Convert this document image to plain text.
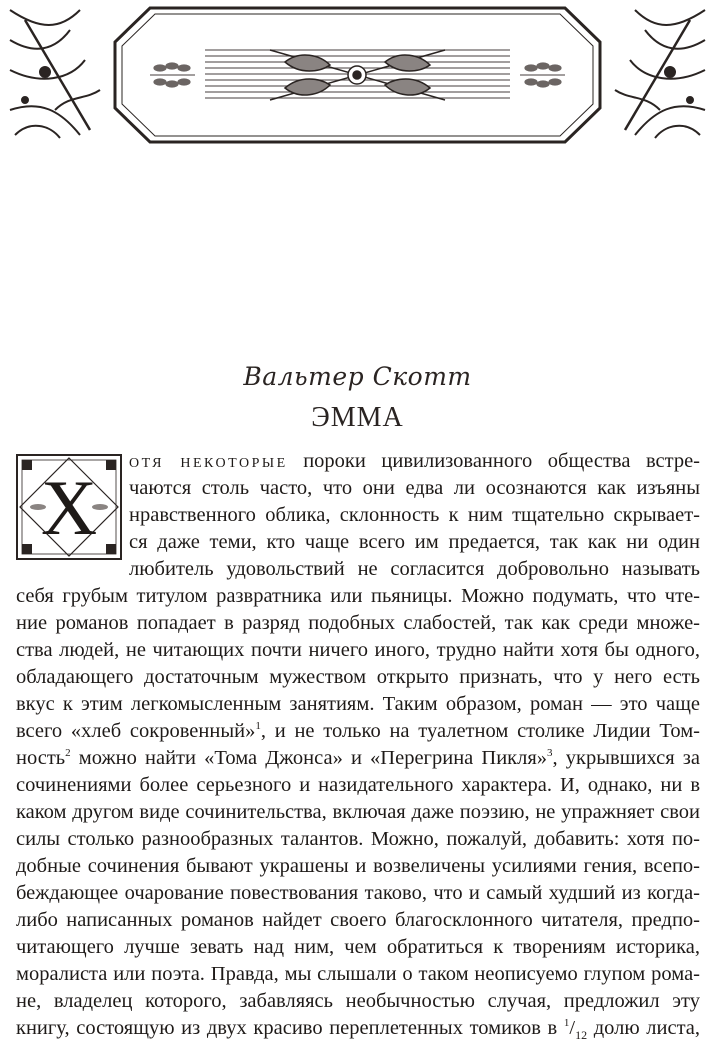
Вальтер Скотт
ЭММА
Х
ОТЯ НЕКОТОРЫЕ пороки цивилизованного общества встре-
чаются столь часто, что они едва ли осознаются как изъяны
нравственного облика, склонность к ним тщательно скрывает-
ся даже теми, кто чаще всего им предается, так как ни один
любитель удовольствий не согласится добровольно называть
себя грубым титулом развратника или пьяницы. Можно подумать, что чте-
ние романов попадает в разряд подобных слабостей, так как среди множе-
ства людей, не читающих почти ничего иного, трудно найти хотя бы одного,
обладающего достаточным мужеством открыто признать, что у него есть
вкус к этим легкомысленным занятиям. Таким образом, роман — это чаще
всего «хлеб сокровенный»$^1$, и не только на туалетном столике Лидии Том-
ность$^2$ можно найти «Тома Джонса» и «Перегрина Пикля»$^3$, укрывшихся за
сочинениями более серьезного и назидательного характера. И, однако, ни в
каком другом виде сочинительства, включая даже поэзию, не упражняет свои
силы столько разнообразных талантов. Можно, пожалуй, добавить: хотя по-
добные сочинения бывают украшены и возвеличены усилиями гения, всепо-
беждающее очарование повествования таково, что и самый худший из когда-
либо написанных романов найдет своего благосклонного читателя, предпо-
читающего лучше зевать над ним, чем обратиться к творениям историка,
моралиста или поэта. Правда, мы слышали о таком неописуемо глупом рома-
не, владелец которого, забавляясь необычностью случая, предложил эту
книгу, состоящую из двух красиво переплетенных томиков в $^1/_{12}$ долю листа,
